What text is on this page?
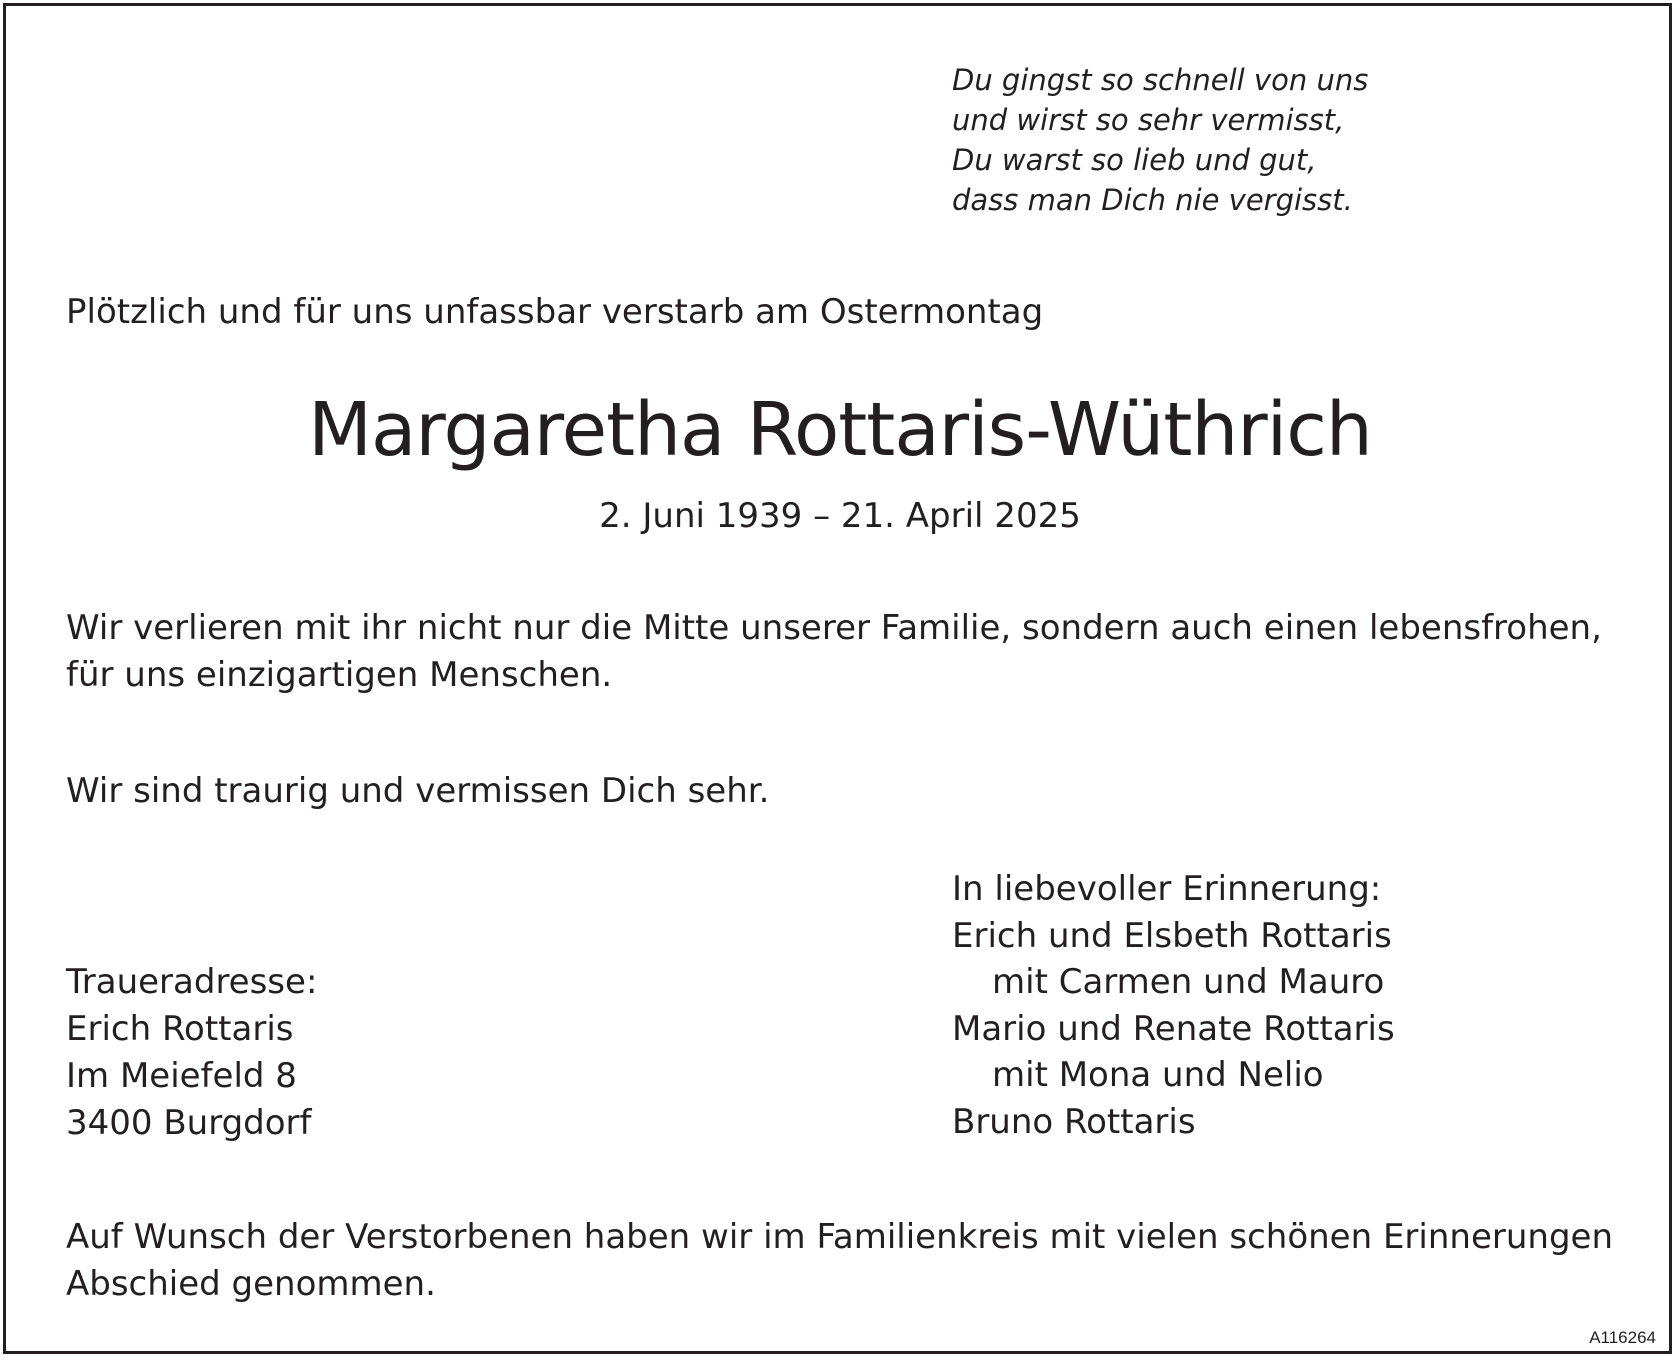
Du gingst so schnell von uns
und wirst so sehr vermisst,
Du warst so lieb und gut,
dass man Dich nie vergisst.
Plötzlich und für uns unfassbar verstarb am Ostermontag
Margaretha Rottaris-Wüthrich
2. Juni 1939 – 21. April 2025
Wir verlieren mit ihr nicht nur die Mitte unserer Familie, sondern auch einen lebensfrohen,
für uns einzigartigen Menschen.
Wir sind traurig und vermissen Dich sehr.
Traueradresse:
Erich Rottaris
Im Meiefeld 8
3400 Burgdorf
In liebevoller Erinnerung:
Erich und Elsbeth Rottaris
mit Carmen und Mauro
Mario und Renate Rottaris
mit Mona und Nelio
Bruno Rottaris
Auf Wunsch der Verstorbenen haben wir im Familienkreis mit vielen schönen Erinnerungen
Abschied genommen.
A116264
